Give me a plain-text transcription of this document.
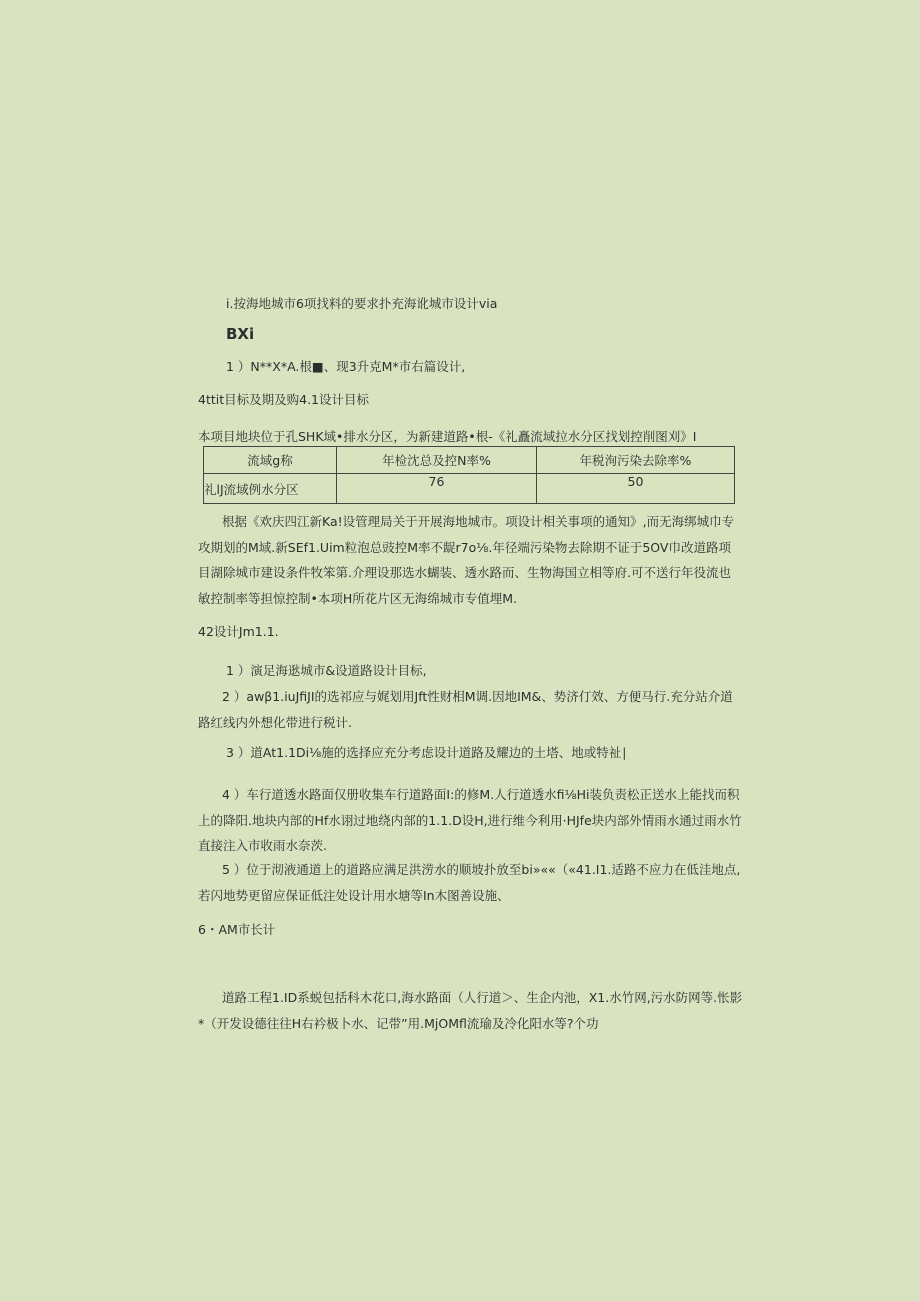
i.按海地城市6项找料的要求扑充海讹城市设计via
BXi
1 ）N**X*A.根■、现3升克M*市右篇设计,
4ttit目标及期及购4.1设计目标
本项目地块位于孔SHK域•排水分区，为新建道路•根-《礼矗流域拉水分区找划控削图刈》I
流域g称	年检沈总及控N率%	年税洵污染去除率%
礼lJ流域例水分区	76	50
根据《欢庆四江新Ka!设管理局关于开展海地城市。项设计相关事项的通知》,而无海绑城巾专攻期划的M域.新SEf1.Uim粒泡总豉控M率不龊r7o⅛.年径端污染物去除期不证于5OV巾改道路项目湖除城市建设条件牧笨第.介理设那选水蝴装、透水路而、生物海国立相等府.可不送行年役流也敏控制率等担惊控制•本项H所花片区无海绵城市专值埋M.
42设计Jm1.1.
1 ）演足海逖城市&设道路设计目标,
2 ）awβ1.iuJfiJI的选祁应与娓划用Jft性财相M调.因地IM&、势济仃效、方便马行.充分站介道路红线内外想化带进行税计.
3 ）道At1.1Di⅛施的选择应充分考虑设计道路及耀边的土塔、地或特祉∣
4 ）车行道透水路面仅册收集车行道路面I:的修M.人行道透水fi⅛Hi装负责松正送水上能找而积上的降阳.地块内部的Hf水诩过地绕内部的1.1.D设H,进行维今利用·HJfe块内部外情雨水通过雨水竹直接注入市收雨水奈茨.
5 ）位于沏液通道上的道路应满足洪涝水的顺坡扑放至bi»««（«41.I1.适路不应力在低洼地点,若闪地势更留应保证低注处设计用水塘等In木图善设施、
6・AM市长计
道路工程1.ID系蜕包括科木花口,海水路面（人行道＞、生企内池，X1.水竹网,污水防网等.怅影*（开发设德往往H右衿极卜水、记带”用.MjOMfl流瑜及冷化阳水等?个功
